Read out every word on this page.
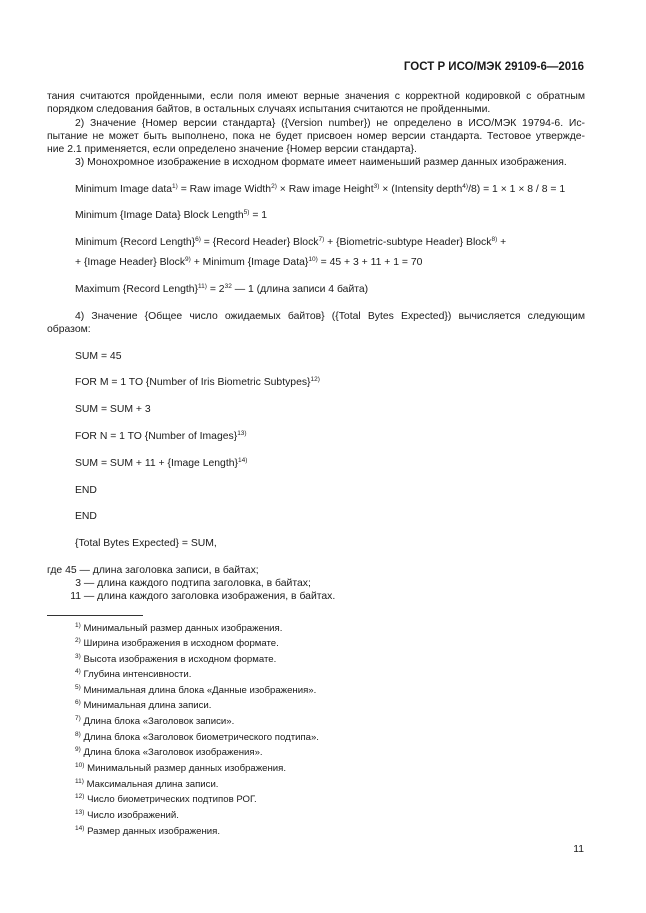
ГОСТ Р ИСО/МЭК 29109-6—2016
тания считаются пройденными, если поля имеют верные значения с корректной кодировкой с обратным
порядком следования байтов, в остальных случаях испытания считаются не пройденными.
2) Значение {Номер версии стандарта} ({Version number}) не определено в ИСО/МЭК 19794-6. Ис-
пытание не может быть выполнено, пока не будет присвоен номер версии стандарта. Тестовое утвержде-
ние 2.1 применяется, если определено значение {Номер версии стандарта}.
3) Монохромное изображение в исходном формате имеет наименьший размер данных изображения.
Minimum Image data$^{1)}$ = Raw image Width$^{2)}$ × Raw image Height$^{3)}$ × (Intensity depth$^{4)}$/8) = 1 × 1 × 8 / 8 = 1
Minimum {Image Data} Block Length$^{5)}$ = 1
Minimum {Record Length}$^{6)}$ = {Record Header} Block$^{7)}$ + {Biometric-subtype Header} Block$^{8)}$ +
+ {Image Header} Block$^{9)}$ + Minimum {Image Data}$^{10)}$ = 45 + 3 + 11 + 1 = 70
Maximum {Record Length}$^{11)}$ = $2^{32}$ — 1 (длина записи 4 байта)
4) Значение {Общее число ожидаемых байтов} ({Total Bytes Expected}) вычисляется следующим
образом:
SUM = 45
FOR M = 1 TO {Number of Iris Biometric Subtypes}$^{12)}$
SUM = SUM + 3
FOR N = 1 TO {Number of Images}$^{13)}$
SUM = SUM + 11 + {Image Length}$^{14)}$
END
END
{Total Bytes Expected} = SUM,
где 45 — длина заголовка записи, в байтах;
3 — длина каждого подтипа заголовка, в байтах;
11 — длина каждого заголовка изображения, в байтах.
$^{1)}$ Минимальный размер данных изображения.
$^{2)}$ Ширина изображения в исходном формате.
$^{3)}$ Высота изображения в исходном формате.
$^{4)}$ Глубина интенсивности.
$^{5)}$ Минимальная длина блока «Данные изображения».
$^{6)}$ Минимальная длина записи.
$^{7)}$ Длина блока «Заголовок записи».
$^{8)}$ Длина блока «Заголовок биометрического подтипа».
$^{9)}$ Длина блока «Заголовок изображения».
$^{10)}$ Минимальный размер данных изображения.
$^{11)}$ Максимальная длина записи.
$^{12)}$ Число биометрических подтипов РОГ.
$^{13)}$ Число изображений.
$^{14)}$ Размер данных изображения.
11
